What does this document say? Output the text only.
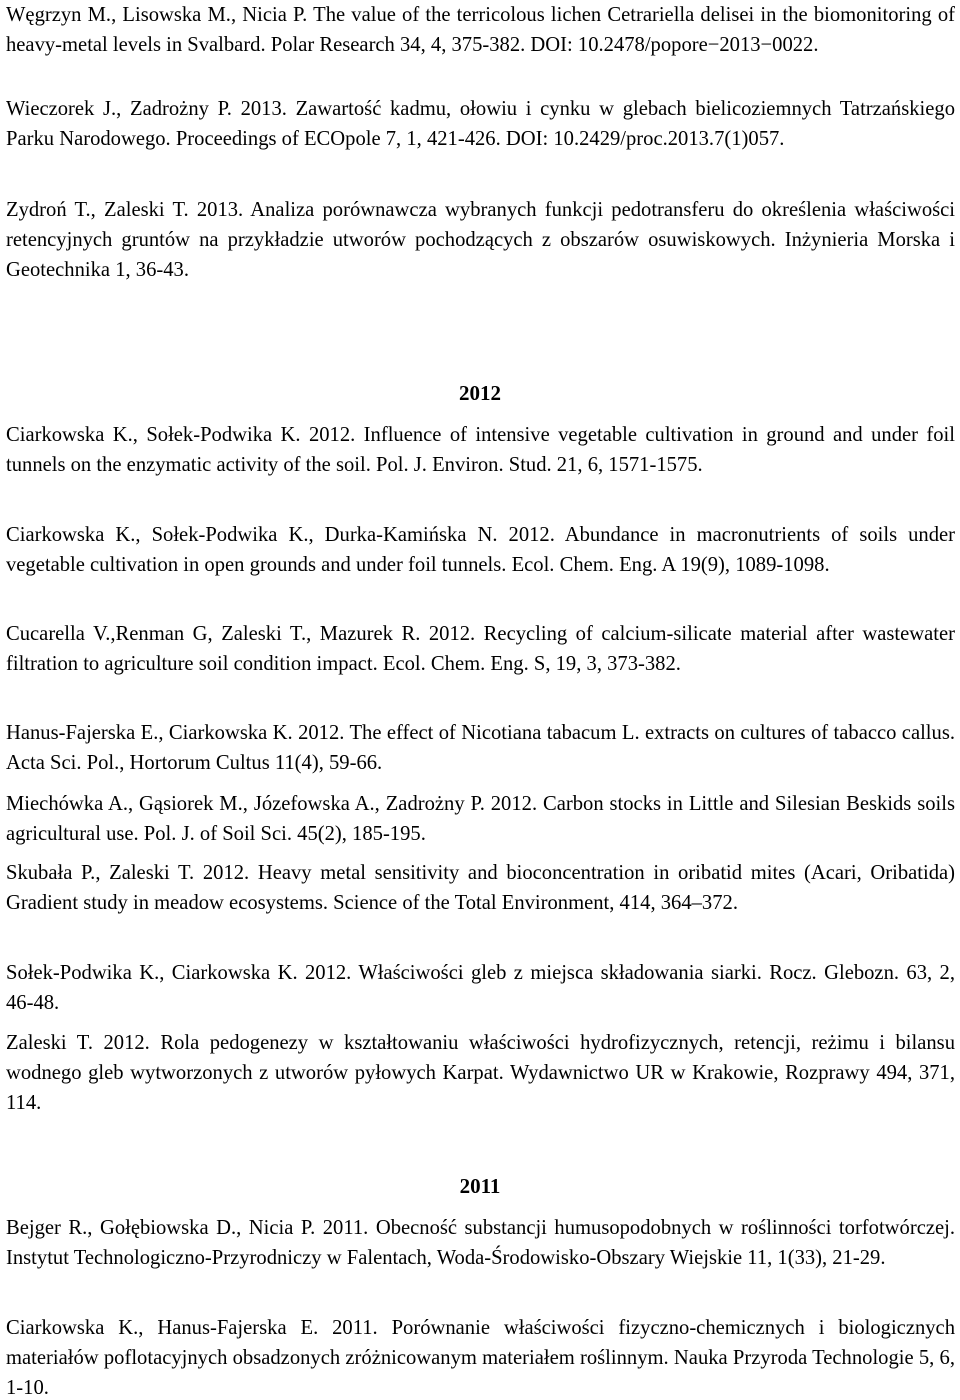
Węgrzyn M., Lisowska M., Nicia P. The value of the terricolous lichen Cetrariella delisei in the biomonitoring of heavy-metal levels in Svalbard. Polar Research 34, 4, 375-382. DOI: 10.2478/popore−2013−0022.

Wieczorek J., Zadrożny P. 2013. Zawartość kadmu, ołowiu i cynku w glebach bielicoziemnych Tatrzańskiego Parku Narodowego. Proceedings of ECOpole 7, 1, 421-426. DOI: 10.2429/proc.2013.7(1)057.

Zydroń T., Zaleski T. 2013. Analiza porównawcza wybranych funkcji pedotransferu do określenia właściwości retencyjnych gruntów na przykładzie utworów pochodzących z obszarów osuwiskowych. Inżynieria Morska i Geotechnika 1, 36-43.

2012

Ciarkowska K., Sołek-Podwika K. 2012. Influence of intensive vegetable cultivation in ground and under foil tunnels on the enzymatic activity of the soil. Pol. J. Environ. Stud. 21, 6, 1571-1575.

Ciarkowska K., Sołek-Podwika K., Durka-Kamińska N. 2012. Abundance in macronutrients of soils under vegetable cultivation in open grounds and under foil tunnels. Ecol. Chem. Eng. A 19(9), 1089-1098.

Cucarella V.,Renman G, Zaleski T., Mazurek R. 2012. Recycling of calcium-silicate material after wastewater filtration to agriculture soil condition impact. Ecol. Chem. Eng. S, 19, 3, 373-382.

Hanus-Fajerska E., Ciarkowska K. 2012. The effect of Nicotiana tabacum L. extracts on cultures of tabacco callus. Acta Sci. Pol., Hortorum Cultus 11(4), 59-66.

Miechówka A., Gąsiorek M., Józefowska A., Zadrożny P. 2012. Carbon stocks in Little and Silesian Beskids soils agricultural use. Pol. J. of Soil Sci. 45(2), 185-195.

Skubała P., Zaleski T. 2012. Heavy metal sensitivity and bioconcentration in oribatid mites (Acari, Oribatida) Gradient study in meadow ecosystems. Science of the Total Environment, 414, 364–372.

Sołek-Podwika K., Ciarkowska K. 2012. Właściwości gleb z miejsca składowania siarki. Rocz. Glebozn. 63, 2, 46-48.

Zaleski T. 2012. Rola pedogenezy w kształtowaniu właściwości hydrofizycznych, retencji, reżimu i bilansu wodnego gleb wytworzonych z utworów pyłowych Karpat. Wydawnictwo UR w Krakowie, Rozprawy 494, 371, 114.

2011

Bejger R., Gołębiowska D., Nicia P. 2011. Obecność substancji humusopodobnych w roślinności torfotwórczej. Instytut Technologiczno-Przyrodniczy w Falentach, Woda-Środowisko-Obszary Wiejskie 11, 1(33), 21-29.

Ciarkowska K., Hanus-Fajerska E. 2011. Porównanie właściwości fizyczno-chemicznych i biologicznych materiałów poflotacyjnych obsadzonych zróżnicowanym materiałem roślinnym. Nauka Przyroda Technologie 5, 6, 1-10.
